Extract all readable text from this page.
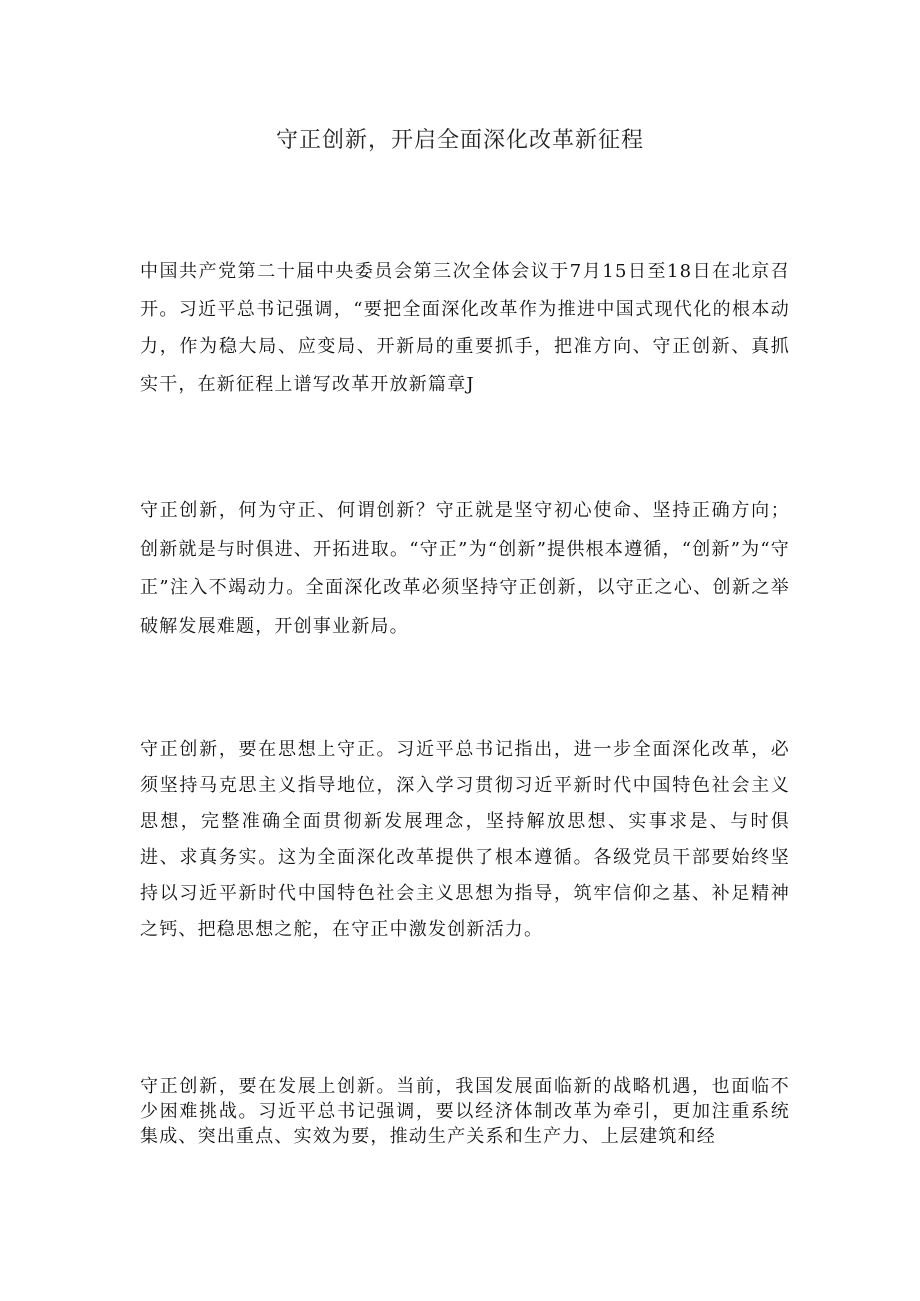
守正创新，开启全面深化改革新征程

中国共产党第二十届中央委员会第三次全体会议于7月15日至18日在北京召开。习近平总书记强调，“要把全面深化改革作为推进中国式现代化的根本动力，作为稳大局、应变局、开新局的重要抓手，把准方向、守正创新、真抓实干，在新征程上谱写改革开放新篇章J

守正创新，何为守正、何谓创新？守正就是坚守初心使命、坚持正确方向；创新就是与时俱进、开拓进取。“守正”为“创新”提供根本遵循，“创新”为“守正”注入不竭动力。全面深化改革必须坚持守正创新，以守正之心、创新之举破解发展难题，开创事业新局。

守正创新，要在思想上守正。习近平总书记指出，进一步全面深化改革，必须坚持马克思主义指导地位，深入学习贯彻习近平新时代中国特色社会主义思想，完整准确全面贯彻新发展理念，坚持解放思想、实事求是、与时俱进、求真务实。这为全面深化改革提供了根本遵循。各级党员干部要始终坚持以习近平新时代中国特色社会主义思想为指导，筑牢信仰之基、补足精神之钙、把稳思想之舵，在守正中激发创新活力。

守正创新，要在发展上创新。当前，我国发展面临新的战略机遇，也面临不少困难挑战。习近平总书记强调，要以经济体制改革为牵引，更加注重系统集成、突出重点、实效为要，推动生产关系和生产力、上层建筑和经
